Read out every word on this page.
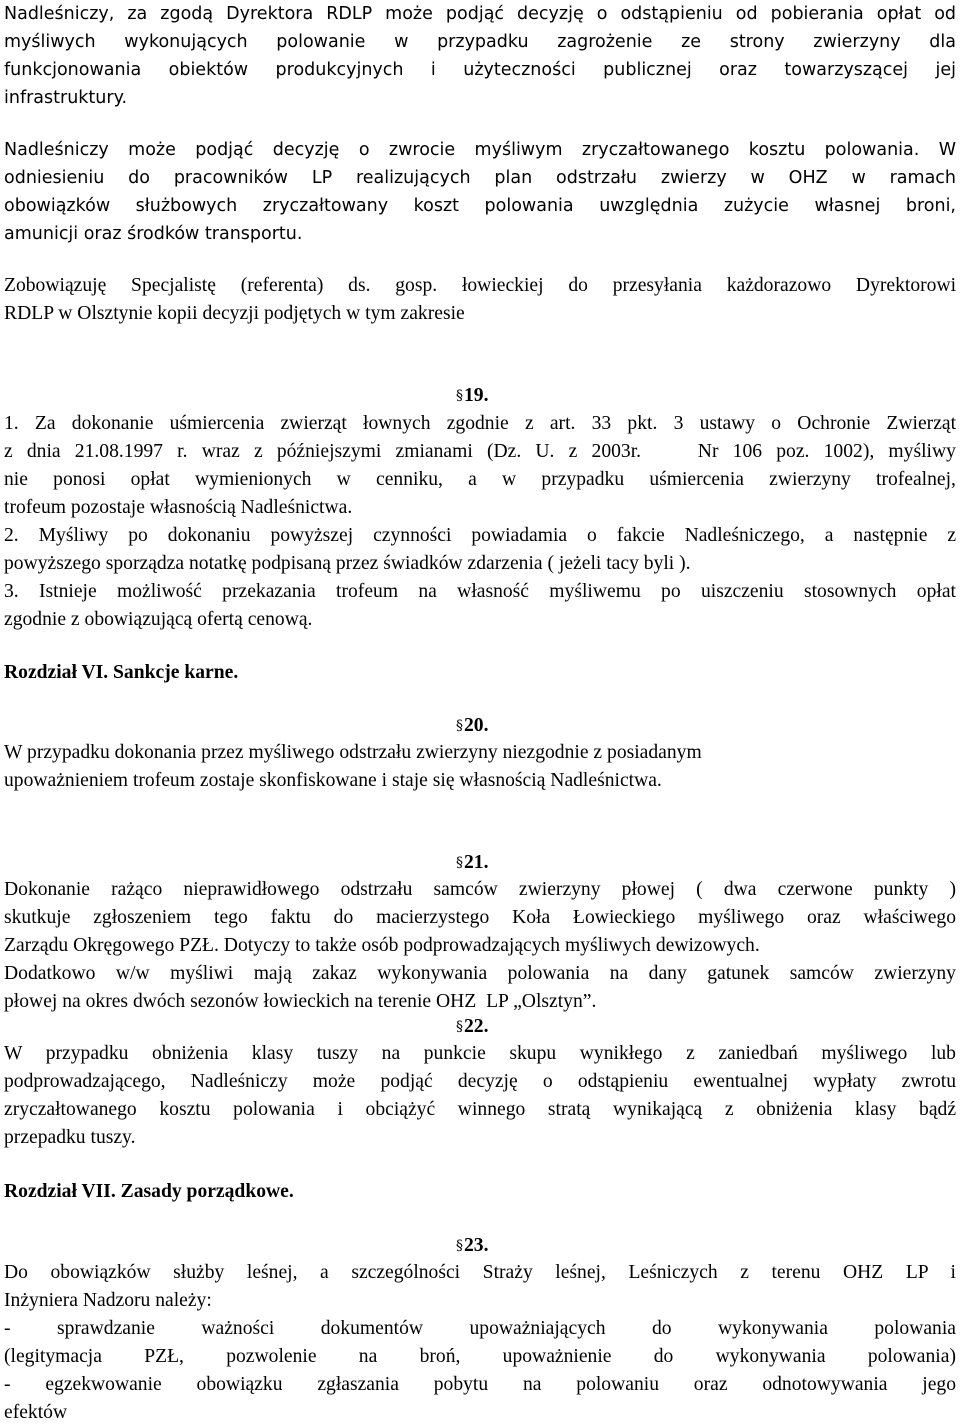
Nadleśniczy, za zgodą Dyrektora RDLP może podjąć decyzję o odstąpieniu od pobierania opłat od
myśliwych wykonujących polowanie w przypadku zagrożenie ze strony zwierzyny dla
funkcjonowania obiektów produkcyjnych i użyteczności publicznej oraz towarzyszącej jej
infrastruktury.
Nadleśniczy może podjąć decyzję o zwrocie myśliwym zryczałtowanego kosztu polowania. W
odniesieniu do pracowników LP realizujących plan odstrzału zwierzy w OHZ w ramach
obowiązków służbowych zryczałtowany koszt polowania uwzględnia zużycie własnej broni,
amunicji oraz środków transportu.
Zobowiązuję Specjalistę (referenta) ds. gosp. łowieckiej do przesyłania każdorazowo Dyrektorowi
RDLP w Olsztynie kopii decyzji podjętych w tym zakresie
§19.
1. Za dokonanie uśmiercenia zwierząt łownych zgodnie z art. 33 pkt. 3 ustawy o Ochronie Zwierząt
z dnia 21.08.1997 r. wraz z późniejszymi zmianami (Dz. U. z 2003r.    Nr 106 poz. 1002), myśliwy
nie ponosi opłat wymienionych w cenniku, a w przypadku uśmiercenia zwierzyny trofealnej,
trofeum pozostaje własnością Nadleśnictwa.
2. Myśliwy po dokonaniu powyższej czynności powiadamia o fakcie Nadleśniczego, a następnie z
powyższego sporządza notatkę podpisaną przez świadków zdarzenia ( jeżeli tacy byli ).
3. Istnieje możliwość przekazania trofeum na własność myśliwemu po uiszczeniu stosownych opłat
zgodnie z obowiązującą ofertą cenową.
Rozdział VI. Sankcje karne.
§20.
W przypadku dokonania przez myśliwego odstrzału zwierzyny niezgodnie z posiadanym
upoważnieniem trofeum zostaje skonfiskowane i staje się własnością Nadleśnictwa.
§21.
Dokonanie rażąco nieprawidłowego odstrzału samców zwierzyny płowej ( dwa czerwone punkty )
skutkuje zgłoszeniem tego faktu do macierzystego Koła Łowieckiego myśliwego oraz właściwego
Zarządu Okręgowego PZŁ. Dotyczy to także osób podprowadzających myśliwych dewizowych.
Dodatkowo w/w myśliwi mają zakaz wykonywania polowania na dany gatunek samców zwierzyny
płowej na okres dwóch sezonów łowieckich na terenie OHZ  LP „Olsztyn”.
§22.
W przypadku obniżenia klasy tuszy na punkcie skupu wynikłego z zaniedbań myśliwego lub
podprowadzającego, Nadleśniczy może podjąć decyzję o odstąpieniu ewentualnej wypłaty zwrotu
zryczałtowanego kosztu polowania i obciążyć winnego stratą wynikającą z obniżenia klasy bądź
przepadku tuszy.
Rozdział VII. Zasady porządkowe.
§23.
Do obowiązków służby leśnej, a szczególności Straży leśnej, Leśniczych z terenu OHZ LP i
Inżyniera Nadzoru należy:
- sprawdzanie ważności dokumentów upoważniających do wykonywania polowania
(legitymacja PZŁ, pozwolenie na broń, upoważnienie do wykonywania polowania)
- egzekwowanie obowiązku zgłaszania pobytu na polowaniu oraz odnotowywania jego
efektów
